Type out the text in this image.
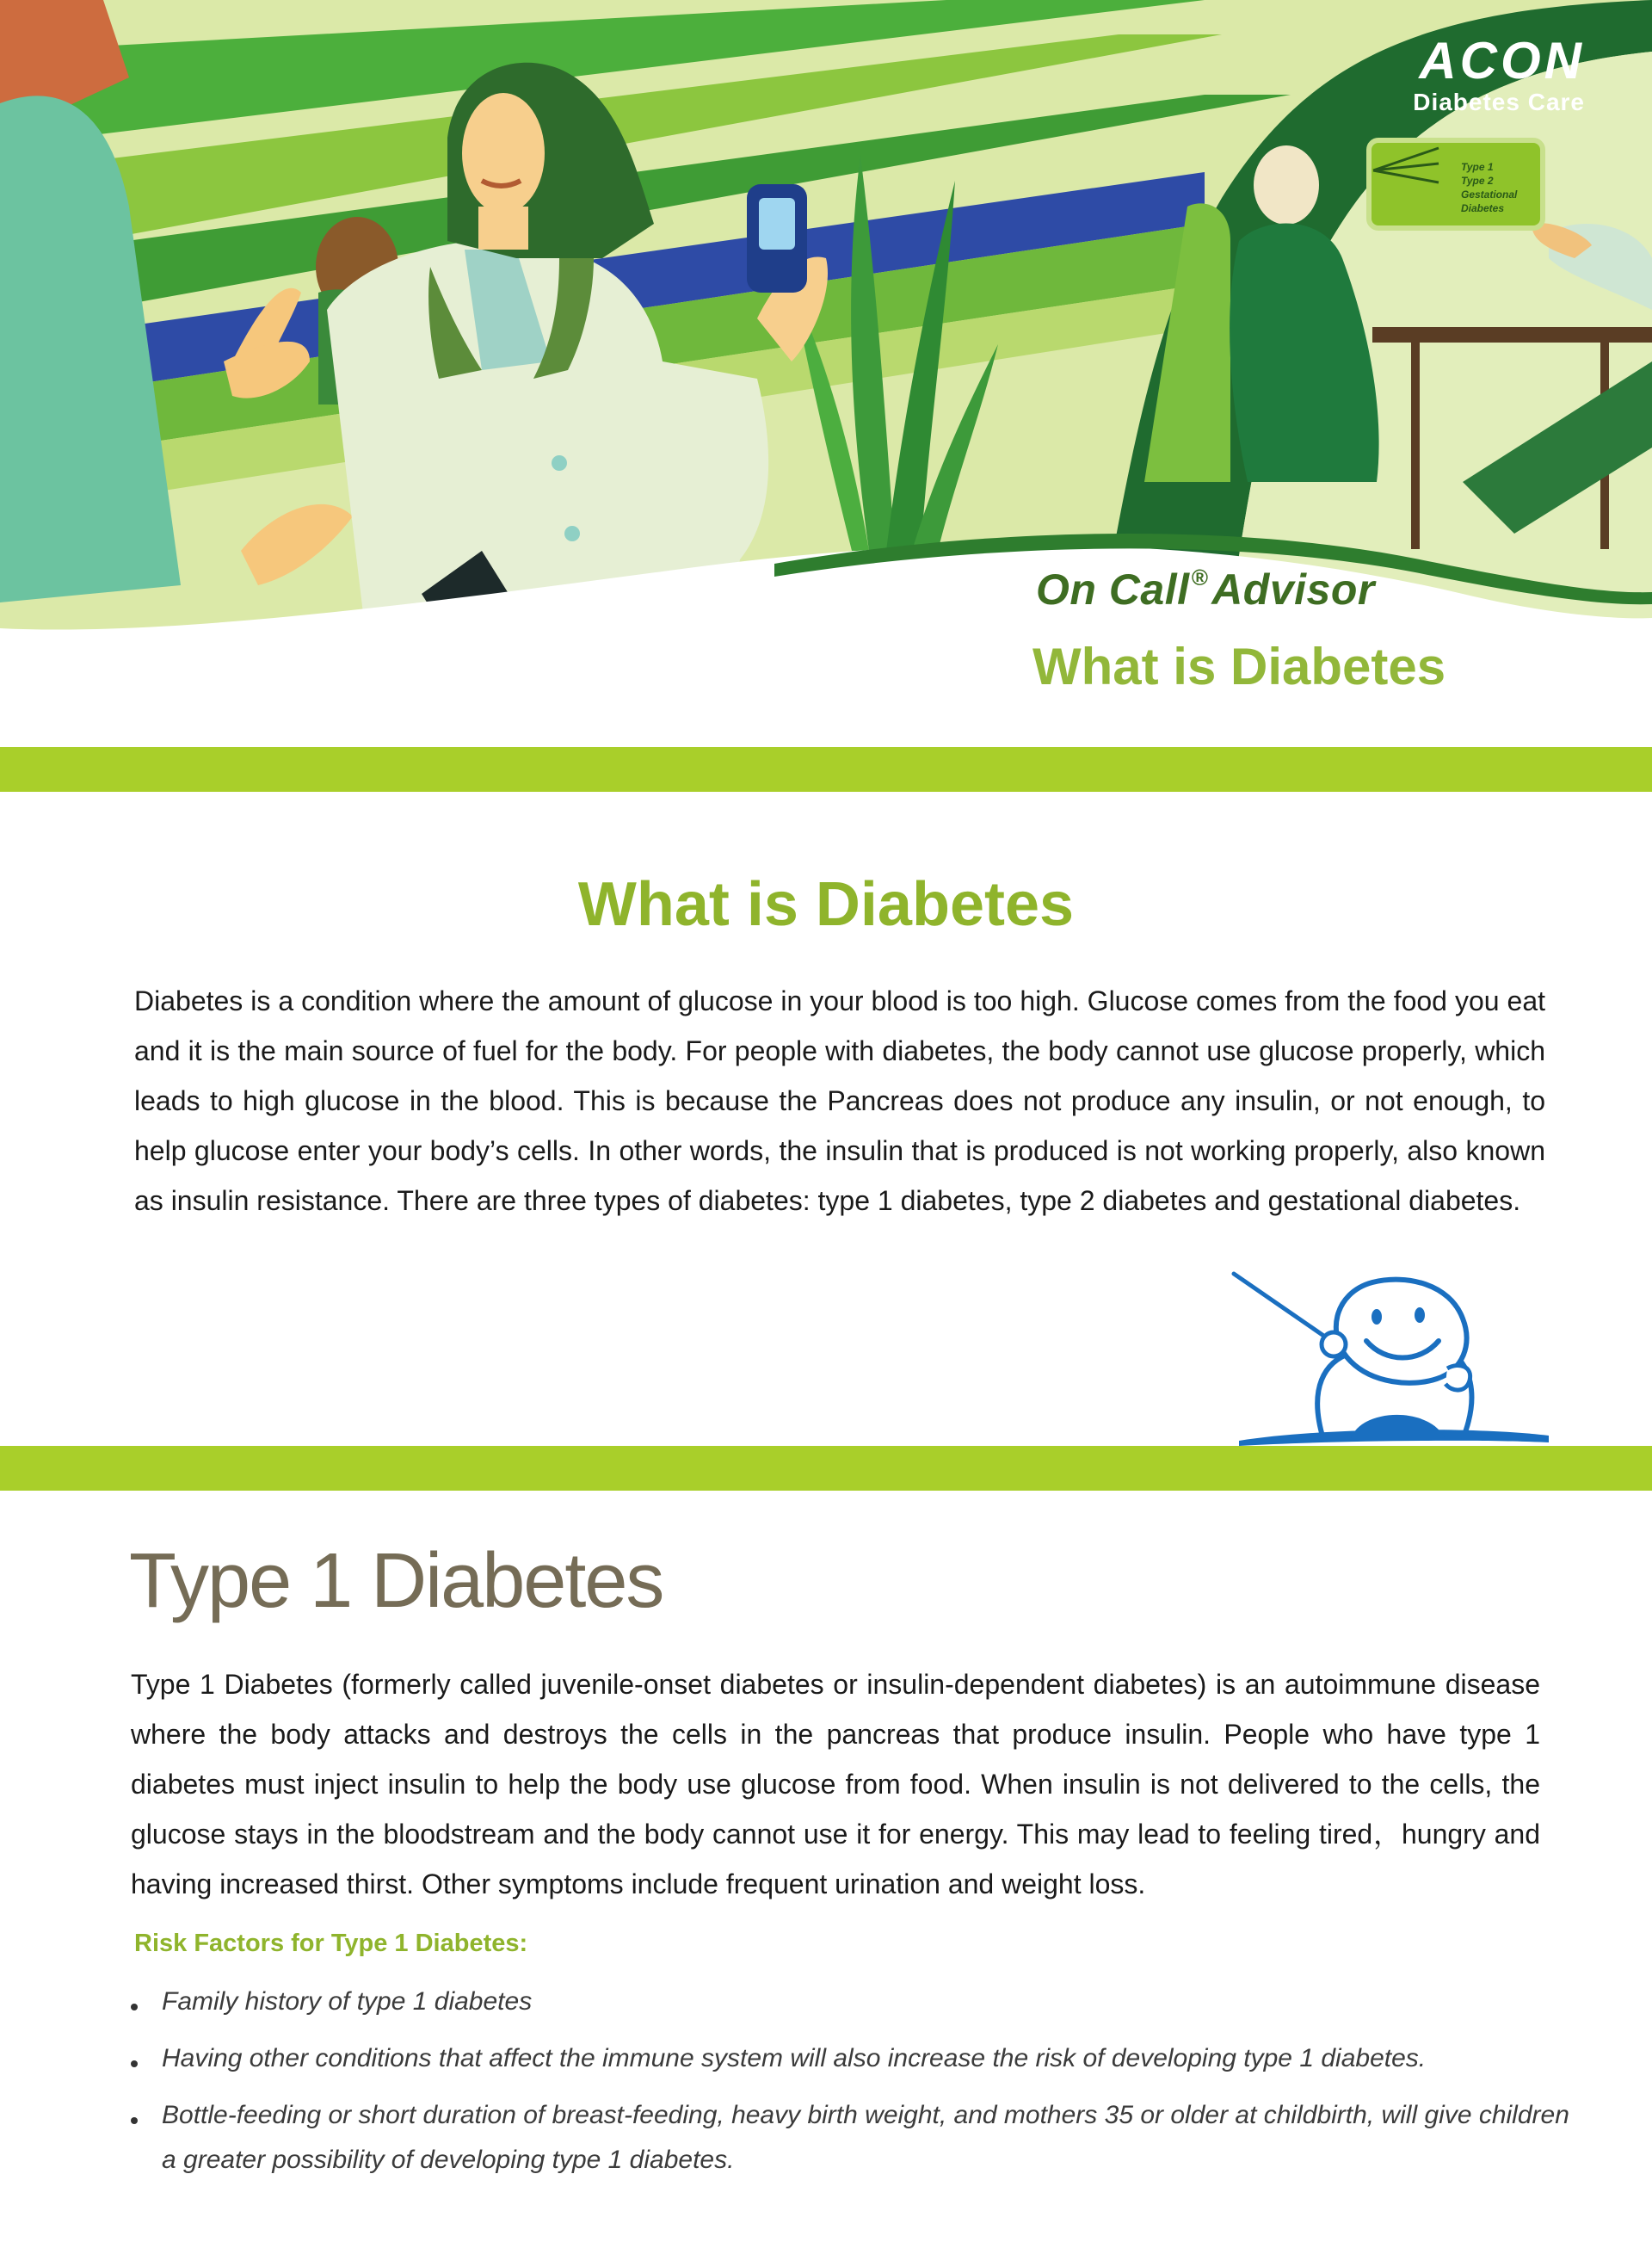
ACON
Diabetes Care
Type 1
Type 2
Gestational
Diabetes
On Call®Advisor
What is Diabetes
What is Diabetes
Diabetes is a condition where the amount of glucose in your blood is too high. Glucose comes from the food you eat and it is the main source of fuel for the body. For people with diabetes, the body cannot use glucose properly, which leads to high glucose in the blood. This is because the Pancreas does not produce any insulin, or not enough, to help glucose enter your body’s cells. In other words, the insulin that is produced is not working properly, also known as insulin resistance. There are three types of diabetes: type 1 diabetes, type 2 diabetes and gestational diabetes.
Type 1 Diabetes
Type 1 Diabetes (formerly called juvenile-onset diabetes or insulin-dependent diabetes) is an autoimmune disease where the body attacks and destroys the cells in the pancreas that produce insulin. People who have type 1 diabetes must inject insulin to help the body use glucose from food. When insulin is not delivered to the cells, the glucose stays in the bloodstream and the body cannot use it for energy. This may lead to feeling tired，hungry and having increased thirst. Other symptoms include frequent urination and weight loss.
Risk Factors for Type 1 Diabetes:
Family history of type 1 diabetes
Having other conditions that affect the immune system will also increase the risk of developing type 1 diabetes.
Bottle-feeding or short duration of breast-feeding, heavy birth weight, and mothers 35 or older at childbirth, will give children a greater possibility of developing type 1 diabetes.
